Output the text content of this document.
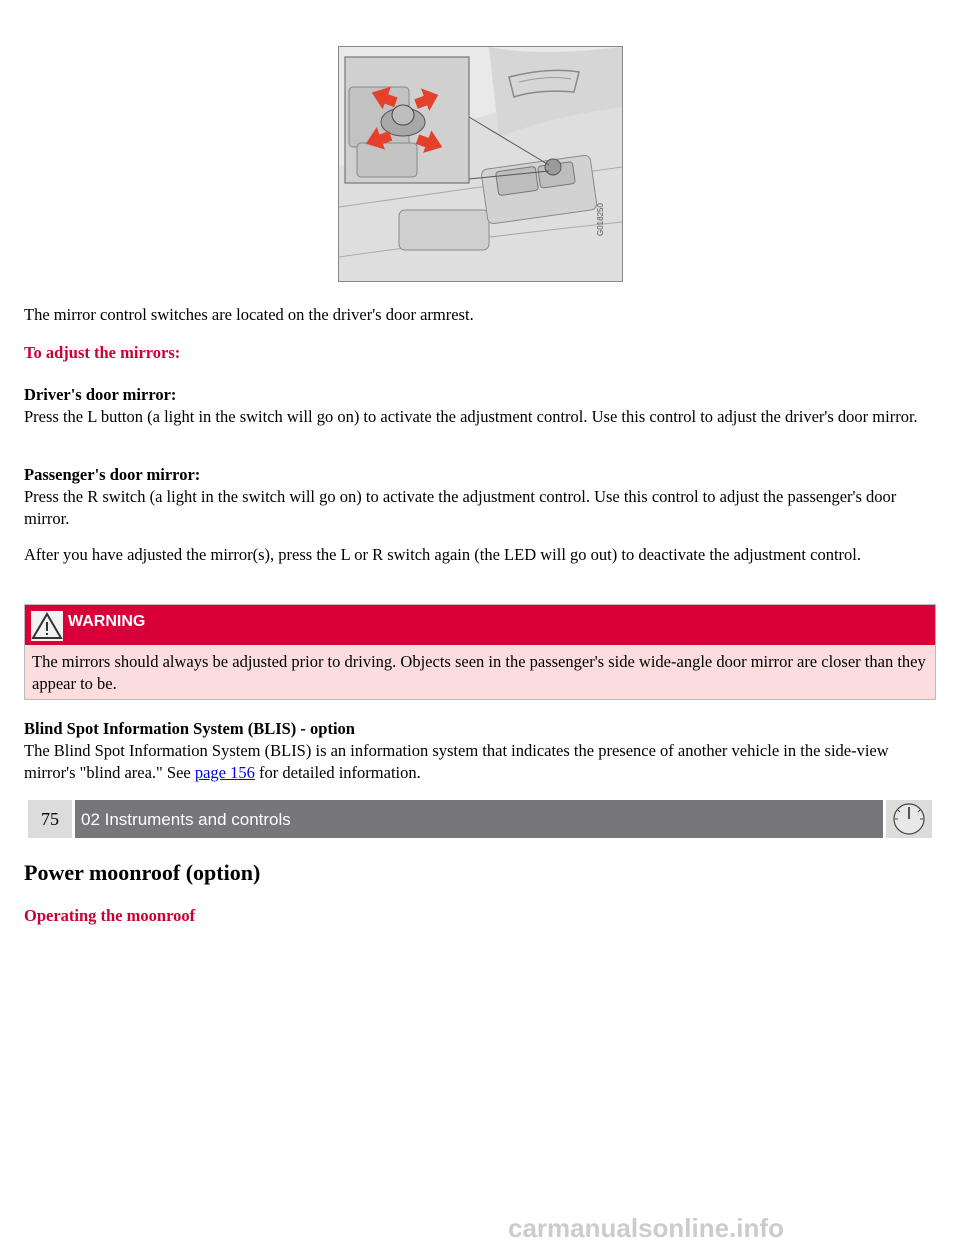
G018250

The mirror control switches are located on the driver's door armrest.

To adjust the mirrors:

Driver's door mirror:
Press the L button (a light in the switch will go on) to activate the adjustment control. Use this control to adjust the driver's door mirror.
Passenger's door mirror:
Press the R switch (a light in the switch will go on) to activate the adjustment control. Use this control to adjust the passenger's door mirror.

After you have adjusted the mirror(s), press the L or R switch again (the LED will go out) to deactivate the adjustment control.

WARNING
The mirrors should always be adjusted prior to driving. Objects seen in the passenger's side wide-angle door mirror are closer than they appear to be.
Blind Spot Information System (BLIS) - option
The Blind Spot Information System (BLIS) is an information system that indicates the presence of another vehicle in the side-view mirror's "blind area." See page 156 for detailed information.
75	02 Instruments and controls
Power moonroof (option)
Operating the moonroof
carmanualsonline.info
